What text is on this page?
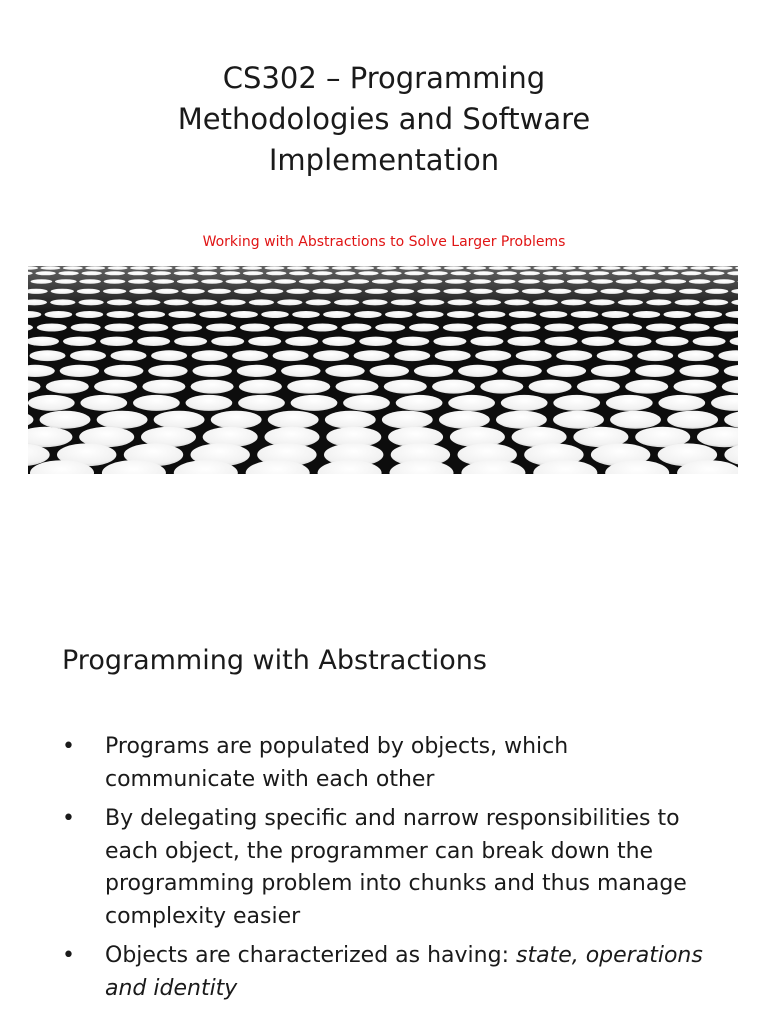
CS302 – Programming
Methodologies and Software
Implementation
Working with Abstractions to Solve Larger Problems
Programming with Abstractions
• Programs are populated by objects, which communicate with each other
• By delegating specific and narrow responsibilities to each object, the programmer can break down the programming problem into chunks and thus manage complexity easier
• Objects are characterized as having: state, operations and identity
